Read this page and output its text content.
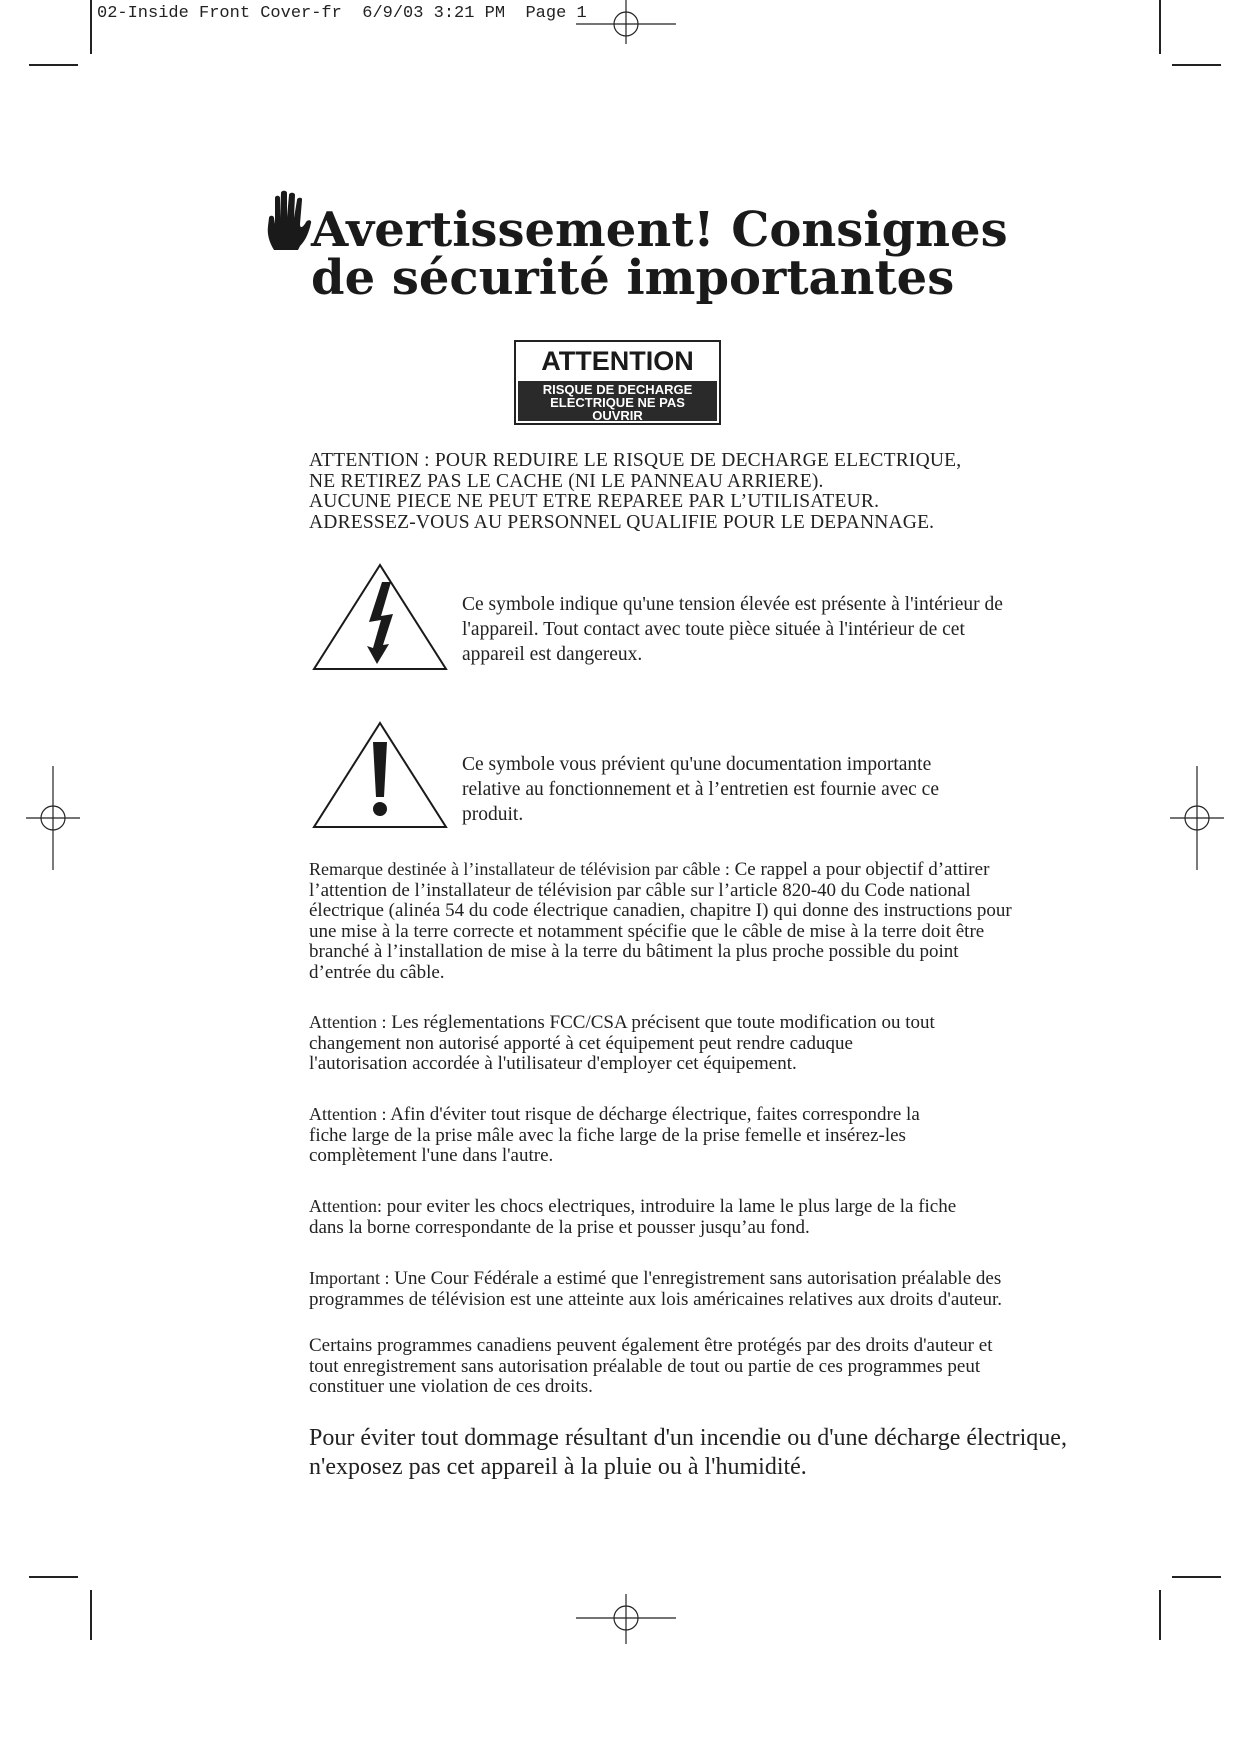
02-Inside Front Cover-fr  6/9/03 3:21 PM  Page 1
Avertissement! Consignes
de sécurité importantes
ATTENTION
RISQUE DE DECHARGE
ELECTRIQUE NE PAS
OUVRIR
ATTENTION : POUR REDUIRE LE RISQUE DE DECHARGE ELECTRIQUE,
NE RETIREZ PAS LE CACHE (NI LE PANNEAU ARRIERE).
AUCUNE PIECE NE PEUT ETRE REPAREE PAR L’UTILISATEUR.
ADRESSEZ-VOUS AU PERSONNEL QUALIFIE POUR LE DEPANNAGE.
Ce symbole indique qu'une tension élevée est présente à l'intérieur de l'appareil. Tout contact avec toute pièce située à l'intérieur de cet appareil est dangereux.
Ce symbole vous prévient qu'une documentation importante relative au fonctionnement et à l’entretien est fournie avec ce produit.
Remarque destinée à l’installateur de télévision par câble : Ce rappel a pour objectif d’attirer l’attention de l’installateur de télévision par câble sur l’article 820-40 du Code national électrique (alinéa 54 du code électrique canadien, chapitre I) qui donne des instructions pour une mise à la terre correcte et notamment spécifie que le câble de mise à la terre doit être branché à l’installation de mise à la terre du bâtiment la plus proche possible du point d’entrée du câble.
Attention : Les réglementations FCC/CSA précisent que toute modification ou tout changement non autorisé apporté à cet équipement peut rendre caduque l'autorisation accordée à l'utilisateur d'employer cet équipement.
Attention : Afin d'éviter tout risque de décharge électrique, faites correspondre la fiche large de la prise mâle avec la fiche large de la prise femelle et insérez-les complètement l'une dans l'autre.
Attention: pour eviter les chocs electriques, introduire la lame le plus large de la fiche dans la borne correspondante de la prise et pousser jusqu’au fond.
Important : Une Cour Fédérale a estimé que l'enregistrement sans autorisation préalable des programmes de télévision est une atteinte aux lois américaines relatives aux droits d'auteur.
Certains programmes canadiens peuvent également être protégés par des droits d'auteur et tout enregistrement sans autorisation préalable de tout ou partie de ces programmes peut constituer une violation de ces droits.
Pour éviter tout dommage résultant d'un incendie ou d'une décharge électrique, n'exposez pas cet appareil à la pluie ou à l'humidité.
